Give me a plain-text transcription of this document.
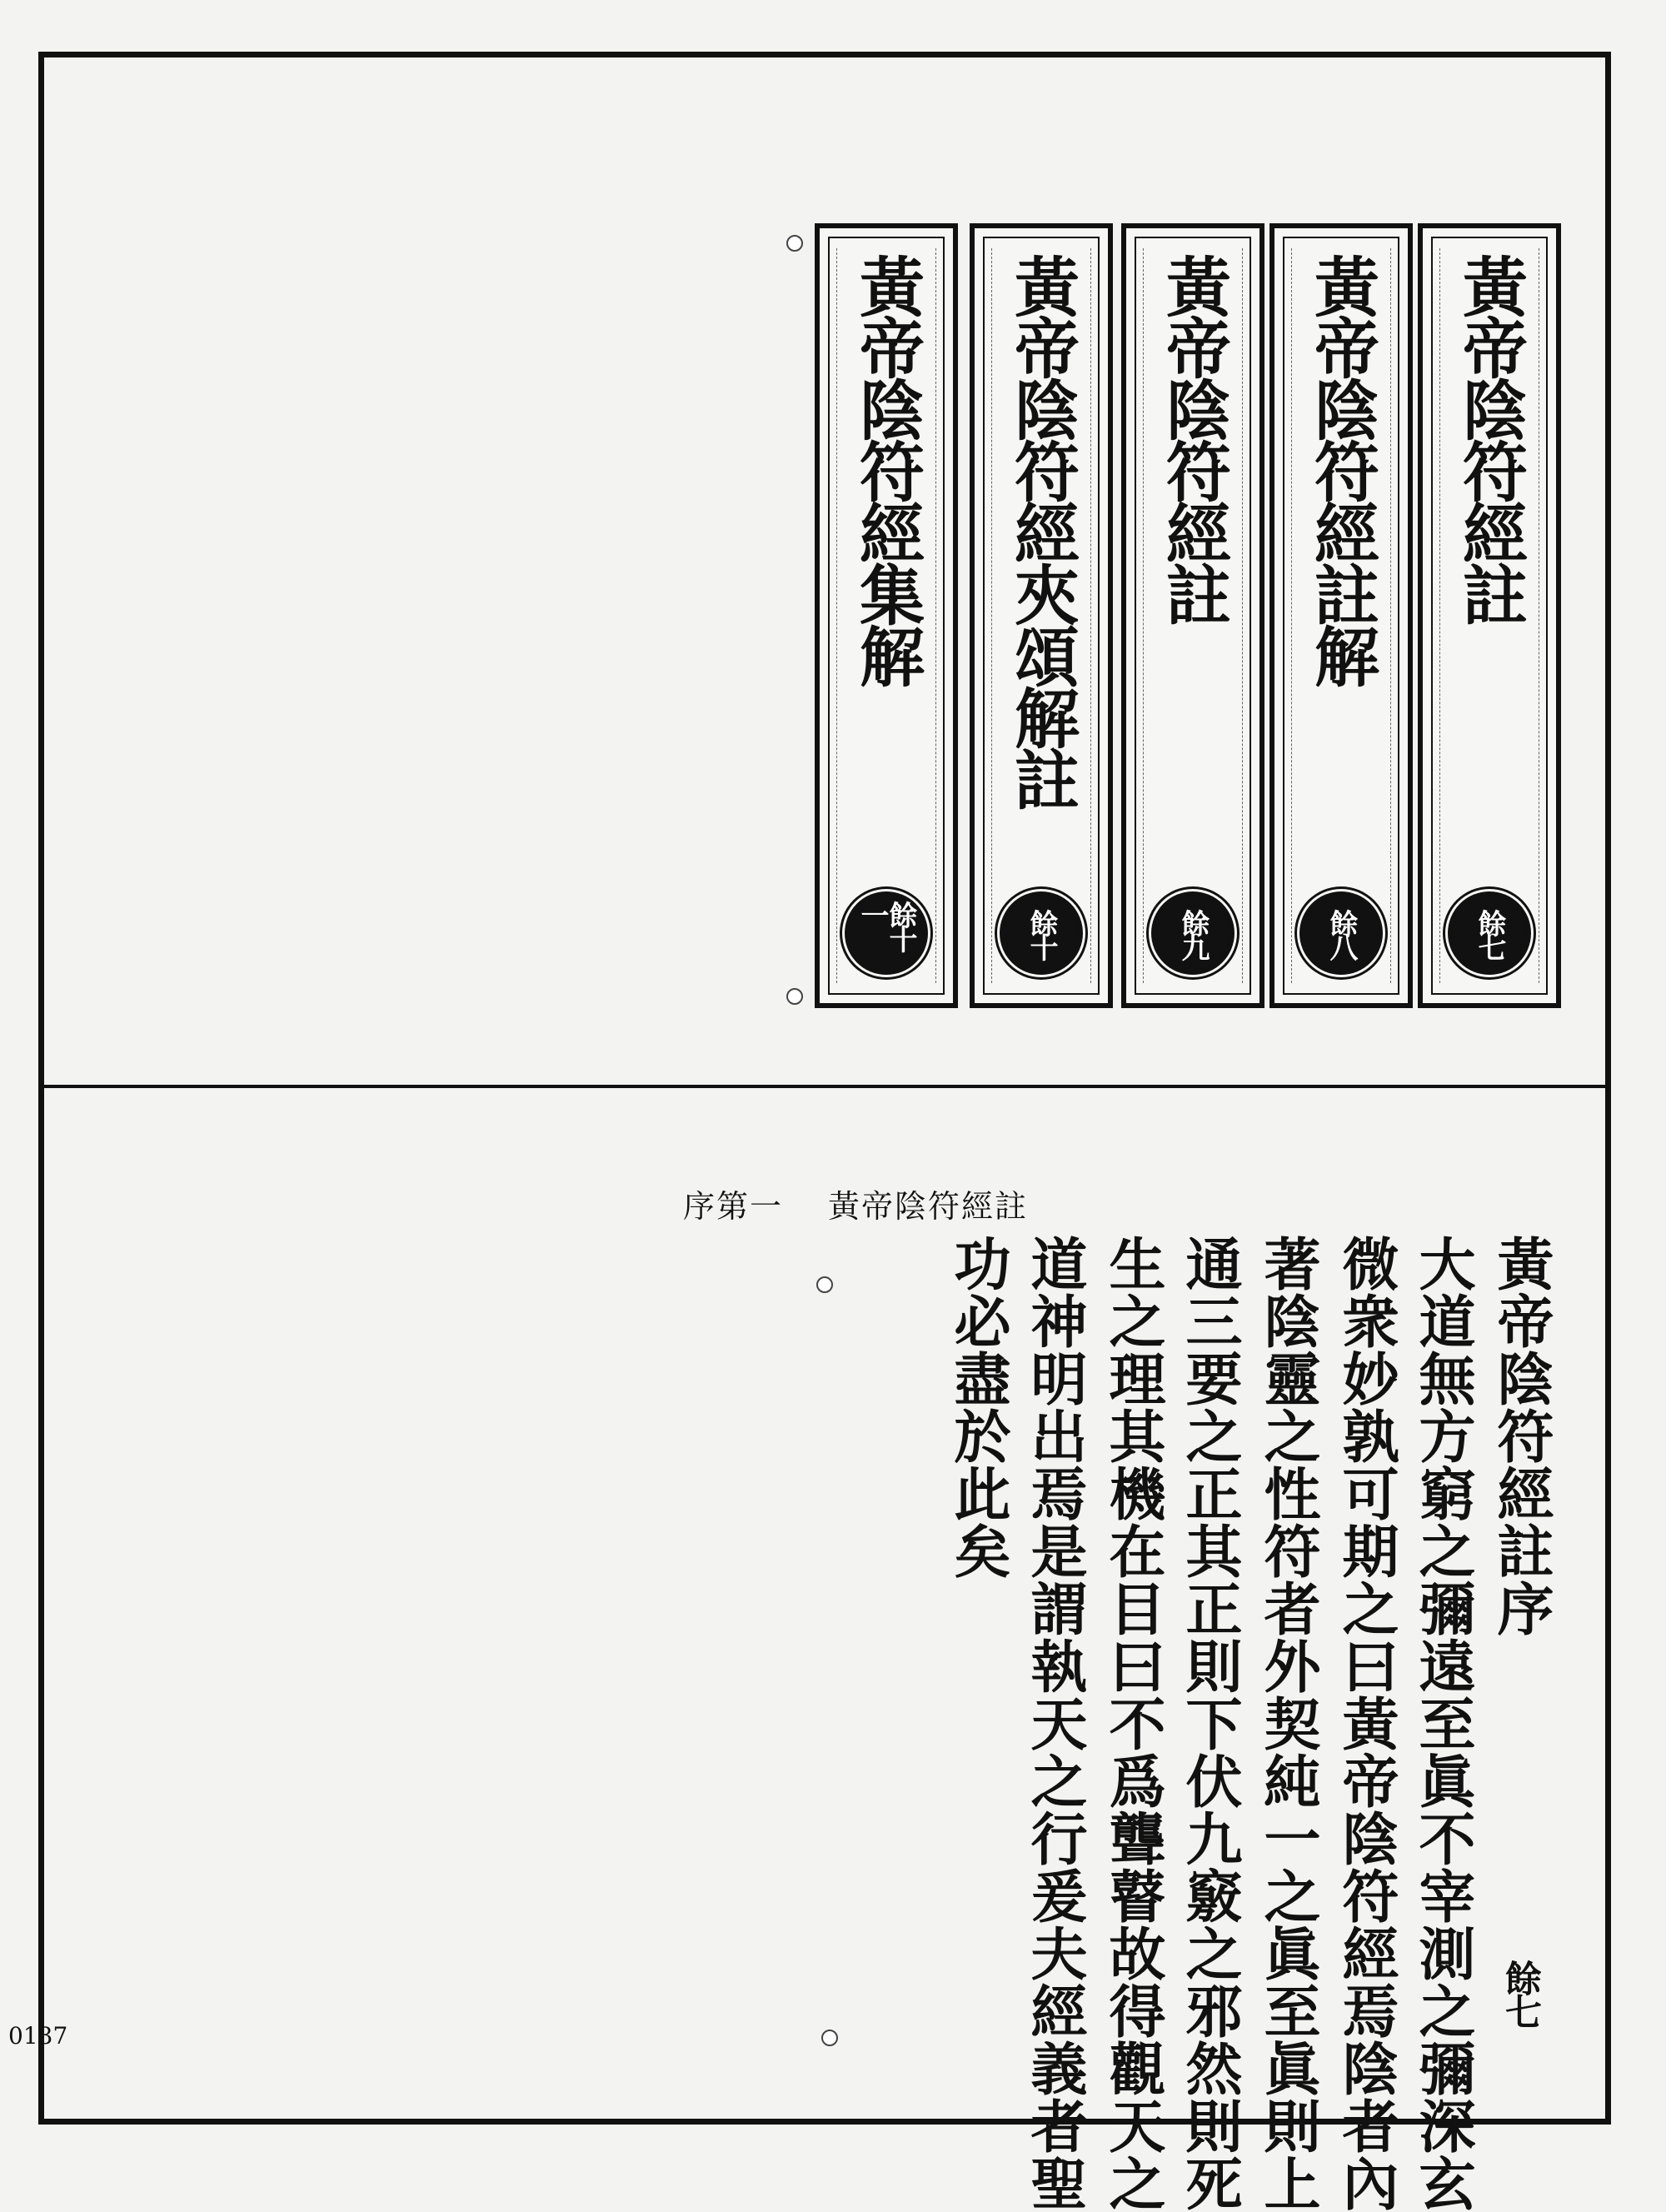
0137
黃帝陰符經註
餘七
黃帝陰符經註解
餘八
黃帝陰符經註
餘九
黃帝陰符經夾頌解註
餘十
黃帝陰符經集解
餘十一
序第一 黃帝陰符經註
黃帝陰符經註序
大道無方窮之彌遠至眞不宰測之彌深玄
微衆妙孰可期之曰黃帝陰符經焉陰者內
著陰靈之性符者外契純一之眞至眞則上
通三要之正其正則下伏九竅之邪然則死
生之理其機在目曰不爲聾瞽故得觀天之
道神明出焉是謂執天之行爰夫經義者聖
功必盡於此矣
餘七
